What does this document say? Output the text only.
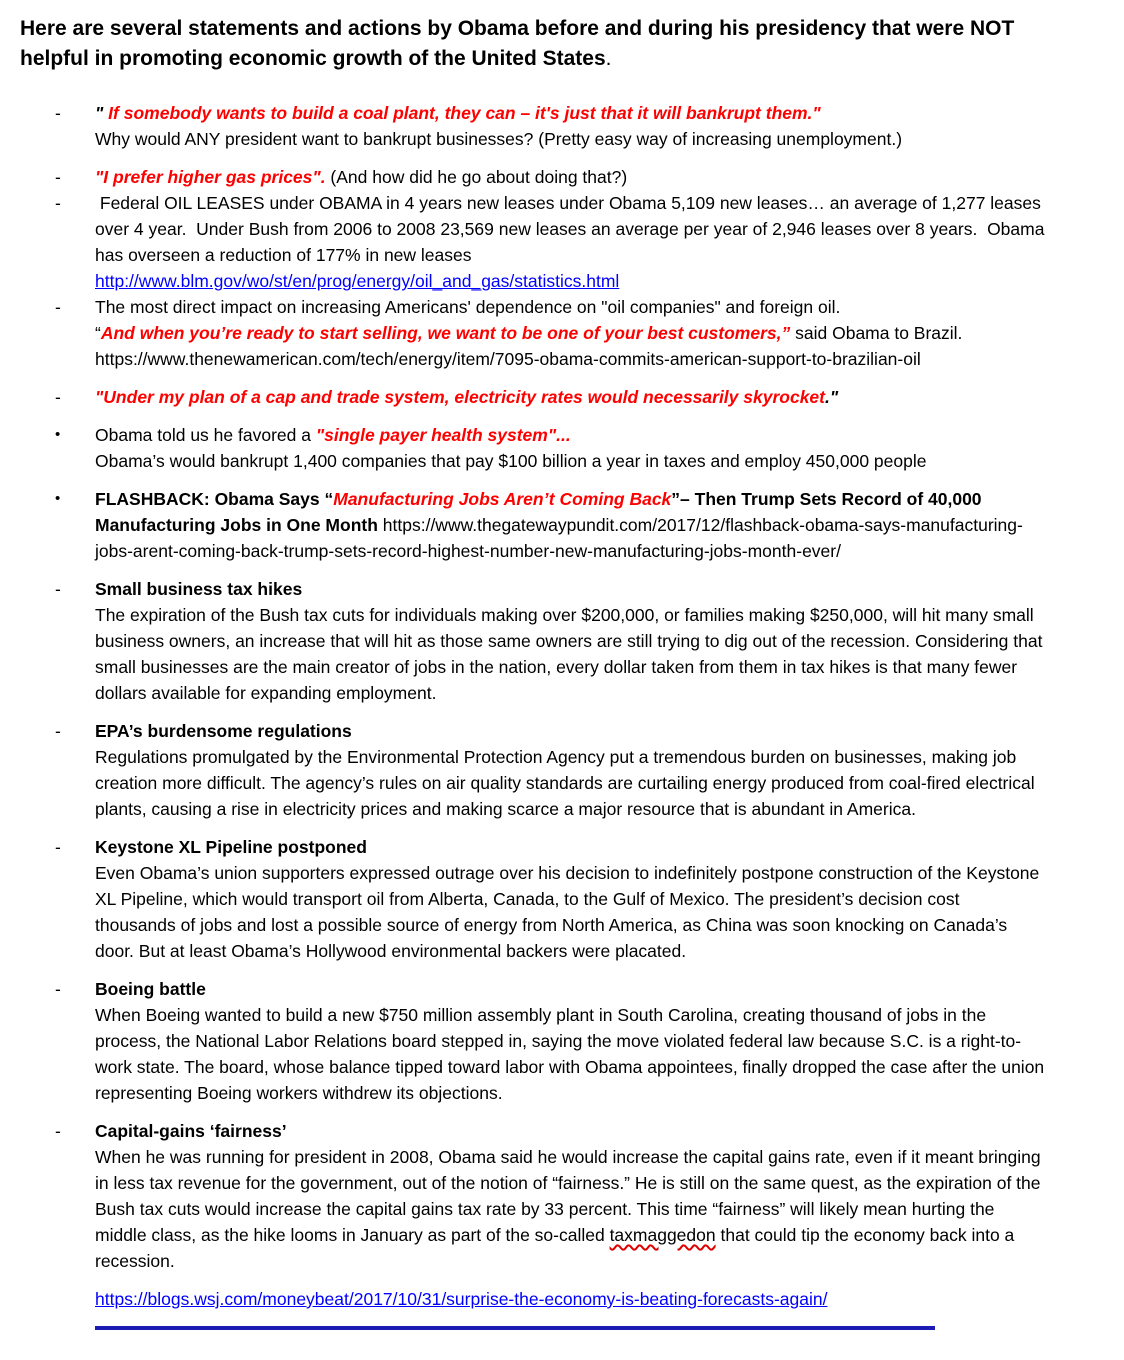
Here are several statements and actions by Obama before and during his presidency that were NOT helpful in promoting economic growth of the United States.
-	" If somebody wants to build a coal plant, they can – it's just that it will bankrupt them."
Why would ANY president want to bankrupt businesses? (Pretty easy way of increasing unemployment.)
-	"I prefer higher gas prices". (And how did he go about doing that?)
-	Federal OIL LEASES under OBAMA in 4 years new leases under Obama 5,109 new leases… an average of 1,277 leases over 4 year.  Under Bush from 2006 to 2008 23,569 new leases an average per year of 2,946 leases over 8 years.  Obama has overseen a reduction of 177% in new leases
http://www.blm.gov/wo/st/en/prog/energy/oil_and_gas/statistics.html
-	The most direct impact on increasing Americans' dependence on "oil companies" and foreign oil.
“And when you’re ready to start selling, we want to be one of your best customers,” said Obama to Brazil.
https://www.thenewamerican.com/tech/energy/item/7095-obama-commits-american-support-to-brazilian-oil
-	"Under my plan of a cap and trade system, electricity rates would necessarily skyrocket."
•	Obama told us he favored a "single payer health system"...
Obama’s would bankrupt 1,400 companies that pay $100 billion a year in taxes and employ 450,000 people
•	FLASHBACK: Obama Says “Manufacturing Jobs Aren’t Coming Back”– Then Trump Sets Record of 40,000 Manufacturing Jobs in One Month https://www.thegatewaypundit.com/2017/12/flashback-obama-says-manufacturing-jobs-arent-coming-back-trump-sets-record-highest-number-new-manufacturing-jobs-month-ever/
-	Small business tax hikes
The expiration of the Bush tax cuts for individuals making over $200,000, or families making $250,000, will hit many small business owners, an increase that will hit as those same owners are still trying to dig out of the recession. Considering that small businesses are the main creator of jobs in the nation, every dollar taken from them in tax hikes is that many fewer dollars available for expanding employment.
-	EPA’s burdensome regulations
Regulations promulgated by the Environmental Protection Agency put a tremendous burden on businesses, making job creation more difficult. The agency’s rules on air quality standards are curtailing energy produced from coal-fired electrical plants, causing a rise in electricity prices and making scarce a major resource that is abundant in America.
-	Keystone XL Pipeline postponed
Even Obama’s union supporters expressed outrage over his decision to indefinitely postpone construction of the Keystone XL Pipeline, which would transport oil from Alberta, Canada, to the Gulf of Mexico. The president’s decision cost thousands of jobs and lost a possible source of energy from North America, as China was soon knocking on Canada’s door. But at least Obama’s Hollywood environmental backers were placated.
-	Boeing battle
When Boeing wanted to build a new $750 million assembly plant in South Carolina, creating thousand of jobs in the process, the National Labor Relations board stepped in, saying the move violated federal law because S.C. is a right-to-work state. The board, whose balance tipped toward labor with Obama appointees, finally dropped the case after the union representing Boeing workers withdrew its objections.
-	Capital-gains ‘fairness’
When he was running for president in 2008, Obama said he would increase the capital gains rate, even if it meant bringing in less tax revenue for the government, out of the notion of “fairness.” He is still on the same quest, as the expiration of the Bush tax cuts would increase the capital gains tax rate by 33 percent. This time “fairness” will likely mean hurting the middle class, as the hike looms in January as part of the so-called taxmaggedon that could tip the economy back into a recession.
https://blogs.wsj.com/moneybeat/2017/10/31/surprise-the-economy-is-beating-forecasts-again/
